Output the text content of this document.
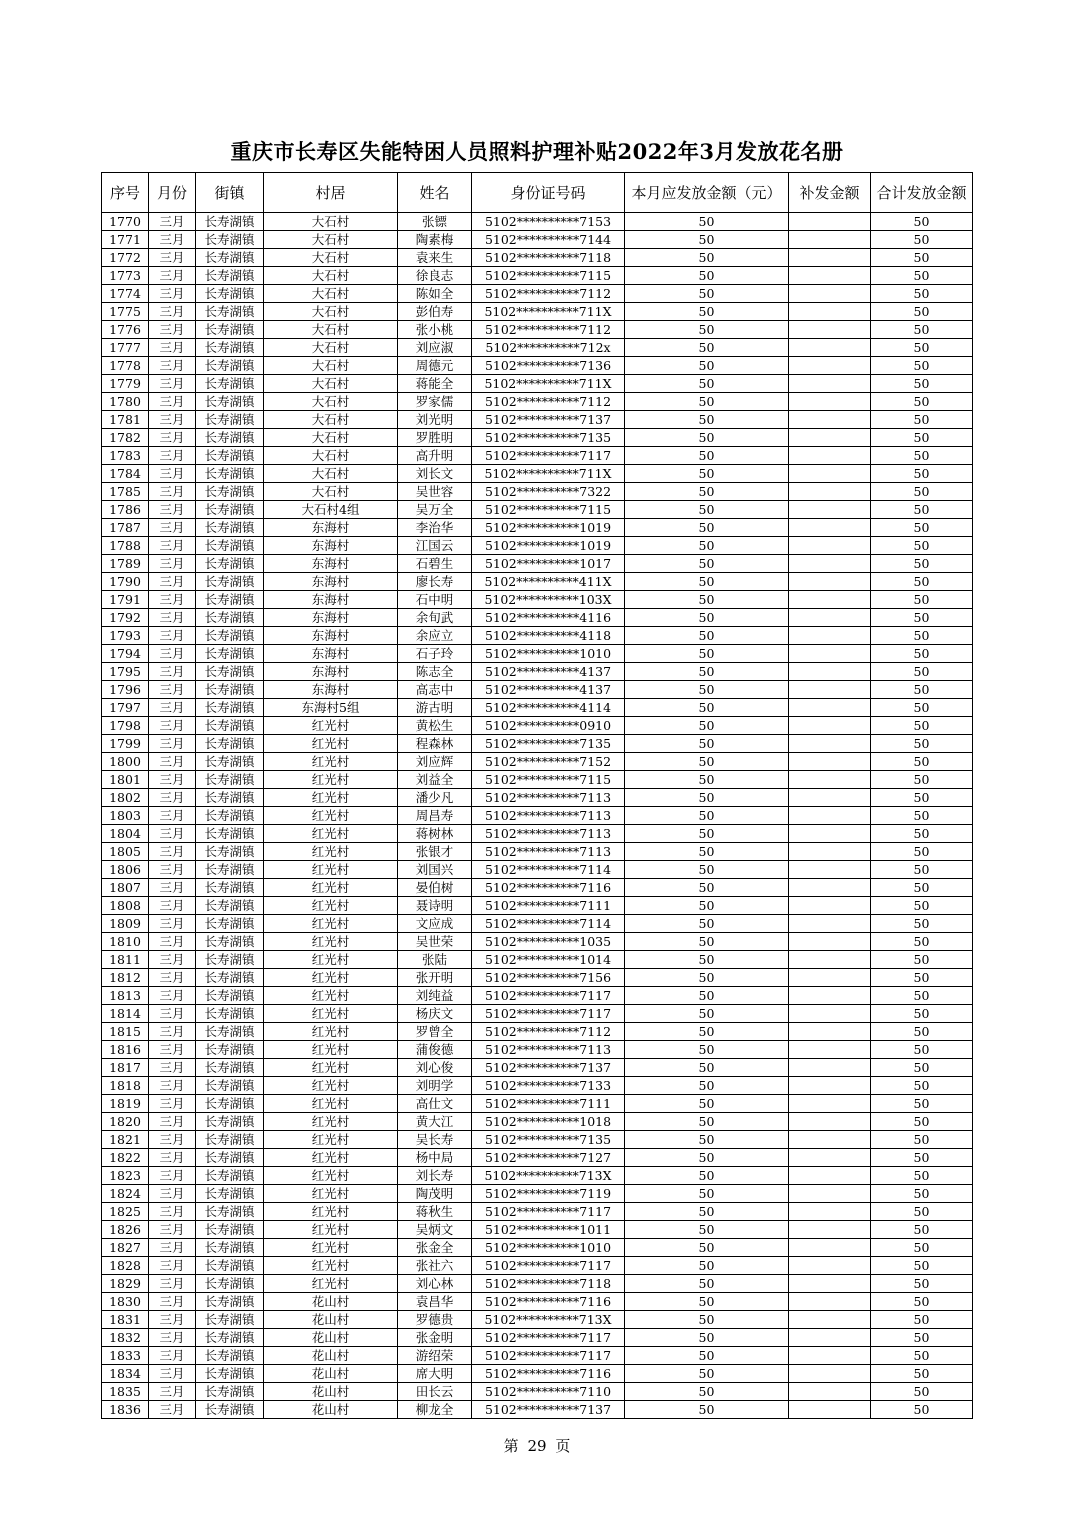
重庆市长寿区失能特困人员照料护理补贴2022年3月发放花名册
序号	月份	街镇	村居	姓名	身份证号码	本月应发放金额（元）	补发金额	合计发放金额
1770	三月	长寿湖镇	大石村	张镖	5102**********7153	50		50
1771	三月	长寿湖镇	大石村	陶素梅	5102**********7144	50		50
1772	三月	长寿湖镇	大石村	袁来生	5102**********7118	50		50
1773	三月	长寿湖镇	大石村	徐良志	5102**********7115	50		50
1774	三月	长寿湖镇	大石村	陈如全	5102**********7112	50		50
1775	三月	长寿湖镇	大石村	彭伯寿	5102**********711X	50		50
1776	三月	长寿湖镇	大石村	张小桃	5102**********7112	50		50
1777	三月	长寿湖镇	大石村	刘应淑	5102**********712x	50		50
1778	三月	长寿湖镇	大石村	周德元	5102**********7136	50		50
1779	三月	长寿湖镇	大石村	蒋能全	5102**********711X	50		50
1780	三月	长寿湖镇	大石村	罗家儒	5102**********7112	50		50
1781	三月	长寿湖镇	大石村	刘光明	5102**********7137	50		50
1782	三月	长寿湖镇	大石村	罗胜明	5102**********7135	50		50
1783	三月	长寿湖镇	大石村	高升明	5102**********7117	50		50
1784	三月	长寿湖镇	大石村	刘长文	5102**********711X	50		50
1785	三月	长寿湖镇	大石村	吴世容	5102**********7322	50		50
1786	三月	长寿湖镇	大石村4组	吴万全	5102**********7115	50		50
1787	三月	长寿湖镇	东海村	李治华	5102**********1019	50		50
1788	三月	长寿湖镇	东海村	江国云	5102**********1019	50		50
1789	三月	长寿湖镇	东海村	石碧生	5102**********1017	50		50
1790	三月	长寿湖镇	东海村	廖长寿	5102**********411X	50		50
1791	三月	长寿湖镇	东海村	石中明	5102**********103X	50		50
1792	三月	长寿湖镇	东海村	余旬武	5102**********4116	50		50
1793	三月	长寿湖镇	东海村	余应立	5102**********4118	50		50
1794	三月	长寿湖镇	东海村	石子玲	5102**********1010	50		50
1795	三月	长寿湖镇	东海村	陈志全	5102**********4137	50		50
1796	三月	长寿湖镇	东海村	高志中	5102**********4137	50		50
1797	三月	长寿湖镇	东海村5组	游古明	5102**********4114	50		50
1798	三月	长寿湖镇	红光村	黄松生	5102**********0910	50		50
1799	三月	长寿湖镇	红光村	程森林	5102**********7135	50		50
1800	三月	长寿湖镇	红光村	刘应辉	5102**********7152	50		50
1801	三月	长寿湖镇	红光村	刘益全	5102**********7115	50		50
1802	三月	长寿湖镇	红光村	潘少凡	5102**********7113	50		50
1803	三月	长寿湖镇	红光村	周昌寿	5102**********7113	50		50
1804	三月	长寿湖镇	红光村	蒋树林	5102**********7113	50		50
1805	三月	长寿湖镇	红光村	张银才	5102**********7113	50		50
1806	三月	长寿湖镇	红光村	刘国兴	5102**********7114	50		50
1807	三月	长寿湖镇	红光村	晏伯树	5102**********7116	50		50
1808	三月	长寿湖镇	红光村	聂诗明	5102**********7111	50		50
1809	三月	长寿湖镇	红光村	文应成	5102**********7114	50		50
1810	三月	长寿湖镇	红光村	吴世荣	5102**********1035	50		50
1811	三月	长寿湖镇	红光村	张陆	5102**********1014	50		50
1812	三月	长寿湖镇	红光村	张开明	5102**********7156	50		50
1813	三月	长寿湖镇	红光村	刘纯益	5102**********7117	50		50
1814	三月	长寿湖镇	红光村	杨庆文	5102**********7117	50		50
1815	三月	长寿湖镇	红光村	罗曾全	5102**********7112	50		50
1816	三月	长寿湖镇	红光村	蒲俊德	5102**********7113	50		50
1817	三月	长寿湖镇	红光村	刘心俊	5102**********7137	50		50
1818	三月	长寿湖镇	红光村	刘明学	5102**********7133	50		50
1819	三月	长寿湖镇	红光村	高仕文	5102**********7111	50		50
1820	三月	长寿湖镇	红光村	黄大江	5102**********1018	50		50
1821	三月	长寿湖镇	红光村	吴长寿	5102**********7135	50		50
1822	三月	长寿湖镇	红光村	杨中局	5102**********7127	50		50
1823	三月	长寿湖镇	红光村	刘长寿	5102**********713X	50		50
1824	三月	长寿湖镇	红光村	陶茂明	5102**********7119	50		50
1825	三月	长寿湖镇	红光村	蒋秋生	5102**********7117	50		50
1826	三月	长寿湖镇	红光村	吴炳文	5102**********1011	50		50
1827	三月	长寿湖镇	红光村	张金全	5102**********1010	50		50
1828	三月	长寿湖镇	红光村	张社六	5102**********7117	50		50
1829	三月	长寿湖镇	红光村	刘心林	5102**********7118	50		50
1830	三月	长寿湖镇	花山村	袁昌华	5102**********7116	50		50
1831	三月	长寿湖镇	花山村	罗德贵	5102**********713X	50		50
1832	三月	长寿湖镇	花山村	张金明	5102**********7117	50		50
1833	三月	长寿湖镇	花山村	游绍荣	5102**********7117	50		50
1834	三月	长寿湖镇	花山村	席大明	5102**********7116	50		50
1835	三月	长寿湖镇	花山村	田长云	5102**********7110	50		50
1836	三月	长寿湖镇	花山村	柳龙全	5102**********7137	50		50
第 29 页
